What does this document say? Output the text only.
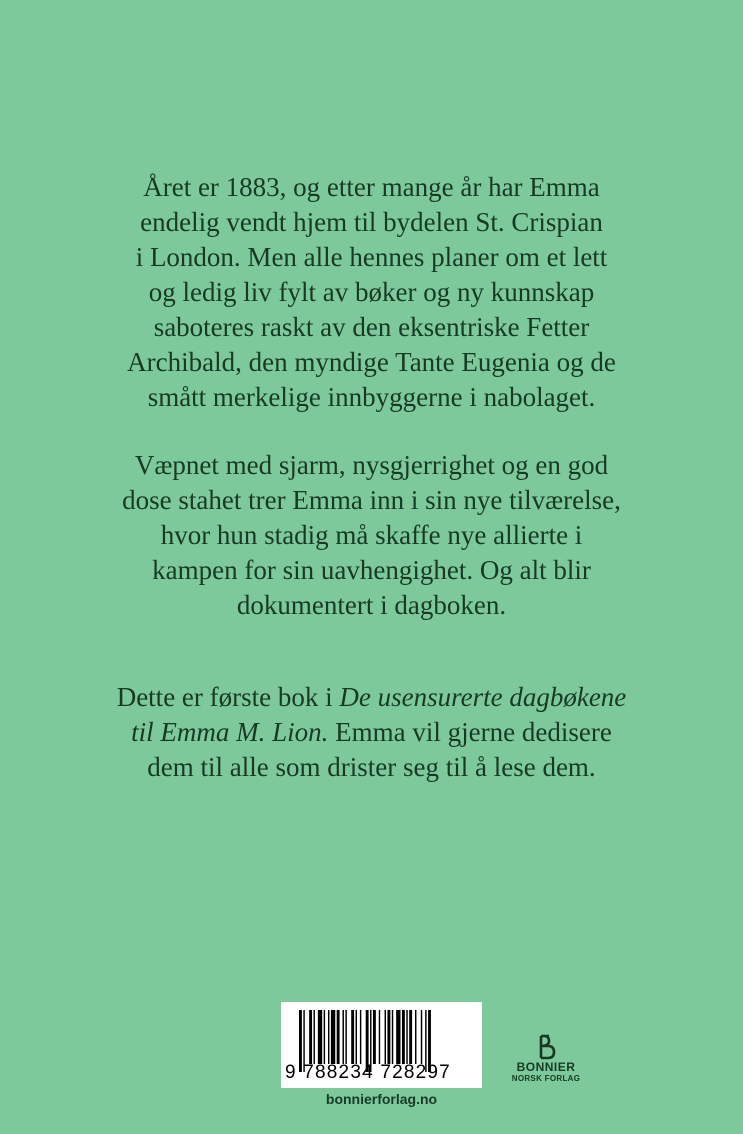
Året er 1883, og etter mange år har Emma
endelig vendt hjem til bydelen St. Crispian
i London. Men alle hennes planer om et lett
og ledig liv fylt av bøker og ny kunnskap
saboteres raskt av den eksentriske Fetter
Archibald, den myndige Tante Eugenia og de
smått merkelige innbyggerne i nabolaget.
Væpnet med sjarm, nysgjerrighet og en god
dose stahet trer Emma inn i sin nye tilværelse,
hvor hun stadig må skaffe nye allierte i
kampen for sin uavhengighet. Og alt blir
dokumentert i dagboken.
Dette er første bok i De usensurerte dagbøkene
til Emma M. Lion. Emma vil gjerne dedisere
dem til alle som drister seg til å lese dem.
9 788234 728297	BONNIER
NORSK FORLAG
bonnierforlag.no
